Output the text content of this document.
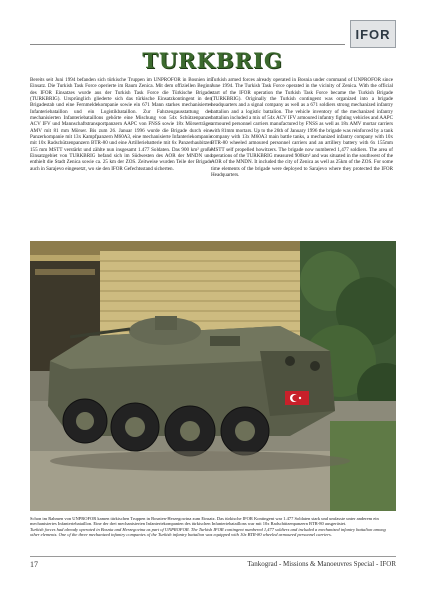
IFOR
TURKBRIG

Bereits seit Juni 1994 befanden sich türkische Truppen im UNPROFOR in Bosnien im Einsatz. Die Turkish Task Force operierte im Raum Zenica. Mit dem offiziellen Beginn des IFOR Einsatzes wurde aus der Turkish Task Force die Türkische Brigade (TURKBRIG). Ursprünglich gliederte sich das türkische Einsatzkontingent in den Brigadestab und eine Fernmeldekompanie sowie ein 671 Mann starkes mechanisiertes Infanteriebataillon und ein Logistikbataillon. Zur Fahrzeugausstattung des mechanisierten Infanteriebataillons gehörte eine Mischung von 54x Schützenpanzer ACV IFV und Mannschaftstransportpanzern AAPC von FNSS sowie 18x Mörserträger AMV mit 81 mm Mörser. Bis zum 26. Januar 1996 wurde die Brigade durch eine Panzerkompanie mit 13x Kampfpanzern M60A3, eine mechanisierte Infanteriekompanie mit 10x Radschützenpanzern BTR-80 und eine Artilleriebatterie mit 6x Panzerhaubitzen 155 mm MSTT verstärkt und zählte nun insgesamt 1.477 Soldaten. Das 900 km² große Einsatzgebiet von TURKBRIG befand sich im Südwesten des AOR der MNDN und enthielt die Stadt Zenica sowie ca. 25 km der ZOS. Zeitweise wurden Teile der Brigade auch in Sarajevo eingesetzt, wo sie den IFOR Gefechtsstand sicherten.

Turkish armed forces already operated in Bosnia under command of UNPROFOR since June 1994. The Turkish Task Force operated in the vicinity of Zenica. With the official start of the IFOR operation the Turkish Task Force became the Turkish Brigade (TURKBRIG). Originally the Turkish contingent was organized into a brigade headquarters and a signal company as well as a 671 soldiers strong mechanized infantry battalion and a logistic battalion. The vehicle inventory of the mechanized infantry battalion included a mix of 54x ACV IFV armoured infantry fighting vehicles and AAPC armoured personnel carriers manufactured by FNSS as well as 18x AMV mortar carriers with 81mm mortars. Up to the 26th of January 1996 the brigade was reinforced by a tank company with 13x M60A3 main battle tanks, a mechanized infantry company with 10x BTR-80 wheeled armoured personnel carriers and an artillery battery with 6x 155mm MSTT self propelled howitzers. The brigade now numbered 1,477 soldiers. The area of operations of the TURKBRIG measured 900km² and was situated in the southwest of the AOR of the MNDN. It included the city of Zenica as well as 25km of the ZOS. For some time elements of the brigade were deployed to Sarajevo where they protected the IFOR Headquarters.

Schon im Rahmen von UNPROFOR kamen türkischen Truppen in Bosnien-Herzegowina zum Einsatz. Das türkische IFOR Kontingent war 1.477 Soldaten stark und umfasste unter anderem ein mechanisiertes Infanteriebataillon. Eine der drei mechanisierten Infanteriekompanien des türkischen Infanteriebataillons war mit 10x Radschützenpanzern BTR-80 ausgerüstet.

Turkish forces had already operated in Bosnia and Herzegovina as part of UNPROFOR. The Turkish IFOR contingent numbered 1,477 soldiers and included a mechanized infantry battalion among other elements. One of the three mechanized infantry companies of the Turkish infantry battalion was equipped with 10x BTR-80 wheeled armoured personnel carriers.

17	Tankograd - Missions & Manoeuvres Special - IFOR
